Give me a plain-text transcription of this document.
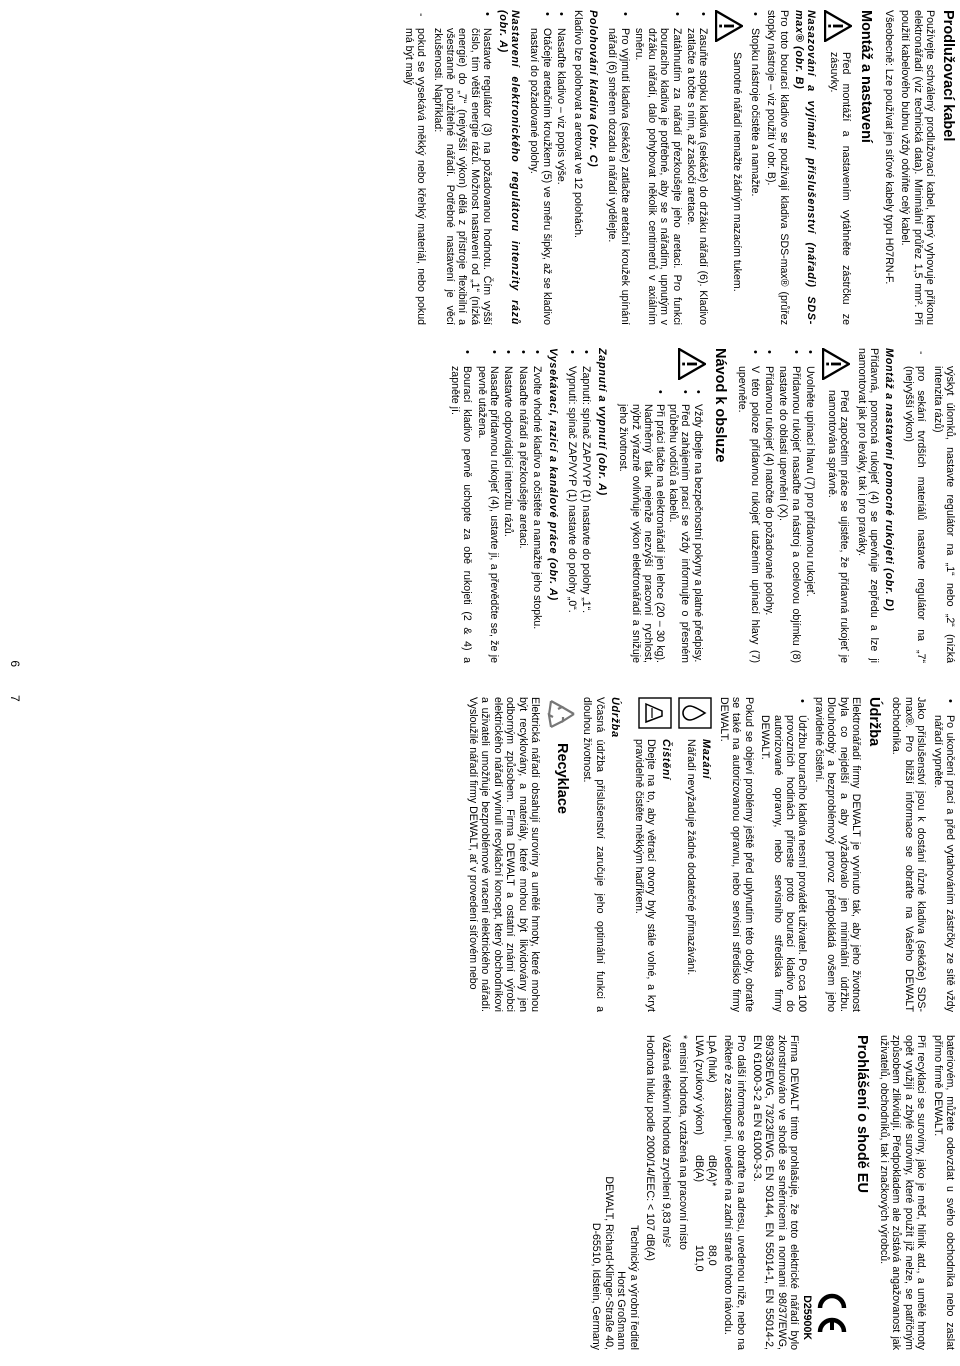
Prodlužovací kabel

Používejte schválený prodlužovací kabel, který vyhovuje příkonu elektronářadí (viz technická data). Minimální průřez 1,5 mm². Při použití kabelového bubnu vždy odviňte celý kabel.

Všeobecně: Lze používat jen síťové kabely typu H07RN-F.

Montáž a nastavení
Před montáží a nastavením vytáhněte zástrčku ze zásuvky.
Nasazování a vyjímání příslušenství (nářadí) SDS-max® (obr. B)

Pro toto bourací kladivo se používají kladiva SDS-max® (průřez stopky nástroje – viz použití v obr. B).

• Stopku nástroje očistěte a namažte.
Samotné nářadí nemažte žádným mazacím tukem.
• Zasuňte stopku kladiva (sekáče) do držáku nářadí (6). Kladivo zatlačte a točte s ním, až zaskočí aretace.
• Zatáhnutím za nářadí přezkoušejte jeho aretaci. Pro funkci bouracího kladiva je potřebné, aby se s nářadím, upnutým v držáku nářadí, dalo pohybovat několik centimetrů v axiálním směru.
• Pro vyjmutí kladiva (sekáče) zatlačte aretační kroužek upínání nářadí (6) směrem dozadu a nářadí vydělejte.
Polohování kladiva (obr. C)

Kladivo lze polohovat a aretovat ve 12 polohách.

• Nasaďte kladivo – viz popis výše.
• Otáčejte aretačním kroužkem (5) ve směru šipky, až se kladivo nastaví do požadované polohy.
Nastavení elektronického regulátoru intenzity rázů (obr. A)
• Nastavte regulátor (3) na požadovanou hodnotu. Čím vyšší číslo, tím větší energie rázů. Možnost nastavení od „1“ (nízká energie) do „7“ (nejvyšší výkon) dělá z přístroje flexibilní a všestranně použitelné nářadí. Potřebné nastavení je věcí zkušenosti. Například:
- pokud se vysekává měkký nebo křehký materiál, nebo pokud má být malý

výskyt úlomků, nastavte regulátor na „1“ nebo „2“ (nízká intenzita rázů)

- pro sekání tvrdších materiálů nastavte regulátor na „7“ (nejvyšší výkon)
Montáž a nastavení pomocné rukojeti (obr. D)

Přídavná, pomocná rukojeť (4) se upevňuje zepředu a lze ji namontovat jak pro leváky, tak i pro praváky.

Před započetím práce se ujistěte, že přídavná rukojeť je namontována správně.
• Uvolněte upínací hlavu (7) pro přídavnou rukojeť.
• Přídavnou rukojeť nasaďte na nástroj a ocelovou objímku (8) nastavte do oblasti upevnění (X).
• Přídavnou rukojeť (4) natočte do požadované polohy.
• V této poloze přídavnou rukojeť utažením upínací hlavy (7) upevněte.
Návod k obsluze
• Vždy dbejte na bezpečnostní pokyny a platné předpisy.
• Před zahájením prací se vždy informujte o přesném průběhu vodičů a kabelů.
• Při práci tlačte na elektronářadí jen lehce (20 – 30 kg). Nadměrný tlak nejenže nezvýší pracovní rychlost, nýbrž výrazně ovlivňuje výkon elektronářadí a snižuje jeho životnost.
Zapnutí a vypnutí (obr. A)
• Zapnutí: spínač ZAP/VYP (1) nastavte do polohy „1“.
• Vypnutí: spínač ZAP/VYP (1) nastavte do polohy „0“.
Vysekávací, razicí a kanálové práce (obr. A)
• Zvolte vhodné kladivo a očistěte a namažte jeho stopku.
• Nasaďte nářadí a přezkoušejte aretaci.
• Nastavte odpovídající intenzitu rázů.
• Nasaďte přídavnou rukojeť (4), ustavte ji, a převědčte se, že je pevně utažena.
• Bourací kladivo pevně uchopte za obě rukojeti (2 & 4) a zapněte jí.
6
• Po ukončení prací a před vytahováním zástrčky ze sítě vždy nářadí vypněte.

Jako příslušenství jsou k dostání různé kladiva (sekáče) SDS-max®. Pro bližší informace se obraťte na Vašeho DEWALT obchodníka.

Údržba

Elektronářadí firmy DEWALT je vyvinuto tak, aby jeho životnost byla co nejdelší a aby vyžadovalo jen minimální údržbu. Dlouhodobý a bezproblémový provoz předpokládá ovšem jeho pravidelné čistění.

• Údržbu bouracího kladiva nesmí provádět uživatel. Po cca 100 provozních hodinách přineste proto bourací kladivo do autorizované opravny, nebo servisního střediska firmy DEWALT.

Pokud se objeví problémy ještě před uplynutím této doby, obraťte se také na autorizovanou opravnu, nebo servisní středisko firmy DEWALT.

Mazání

Nářadí nevyžaduje žádné dodatečné přimazávání.

Čištění

Dbejte na to, aby větrací otvory byly stále volné, a kryt pravidelně čistěte měkkým hadříkem.

Údržba

Včasná údržba příslušenství zaručuje jeho optimální funkci a dlouhou životnost.

Recyklace

Elektrická nářadí obsahují suroviny a umělé hmoty, které mohou být recyklovány, a materiály, které mohou být likvidovány jen odborným způsobem. Firma DEWALT a ostatní známí výrobci elektrického nářadí vyvinuli recyklační koncept, který obchodníkovi a uživateli umožňuje bezproblémové vracení elektrického nářadí. Vysloužilé nářadí firmy DEWALT, ať v provedení síťovém nebo

bateriovém, můžete odevzdat u svého obchodníka nebo zaslat přímo firmě DEWALT.

Při recyklaci se suroviny, jako je měď, hliník atd., a umělé hmoty opět využijí a zbylé suroviny, které použít již nelze, se patřičným způsobem zlikvidují. Předpokladem ale zůstává angažovanost jak uživatelů, obchodníků, tak i značkových výrobců.

Prohlášení o shodě EU
D25900K

Firma DEWALT tímto prohlašuje, že toto elektrické nářadí bylo zkonstruováno ve shodě se směrnicemi a normami 98/37/EWG, 89/336/EWG, 73/23/EWG, EN 50144, EN 55014-1, EN 55014-2, EN 61000-3-2 a EN 61000-3-3.

Pro další informace se obraťte na adresu, uvedenou níže, nebo na některé ze zastoupení, uvedené na zadní straně tohoto návodu.

LpA (hluk)
dB(A)*
88,0
LWA (zvukový výkon)
dB(A)
101,0

* emisní hodnota, vztažená na pracovní místo

Vážená efektivní hodnota zrychlení 9,83 m/s²

Hodnota hluku podle 2000/14/EEC: < 107 dB(A)

Technický a výrobní ředitel
Horst Großmann
DEWALT, Richard-Klinger-Straße 40,
D-65510, Idstein, Germany
7
